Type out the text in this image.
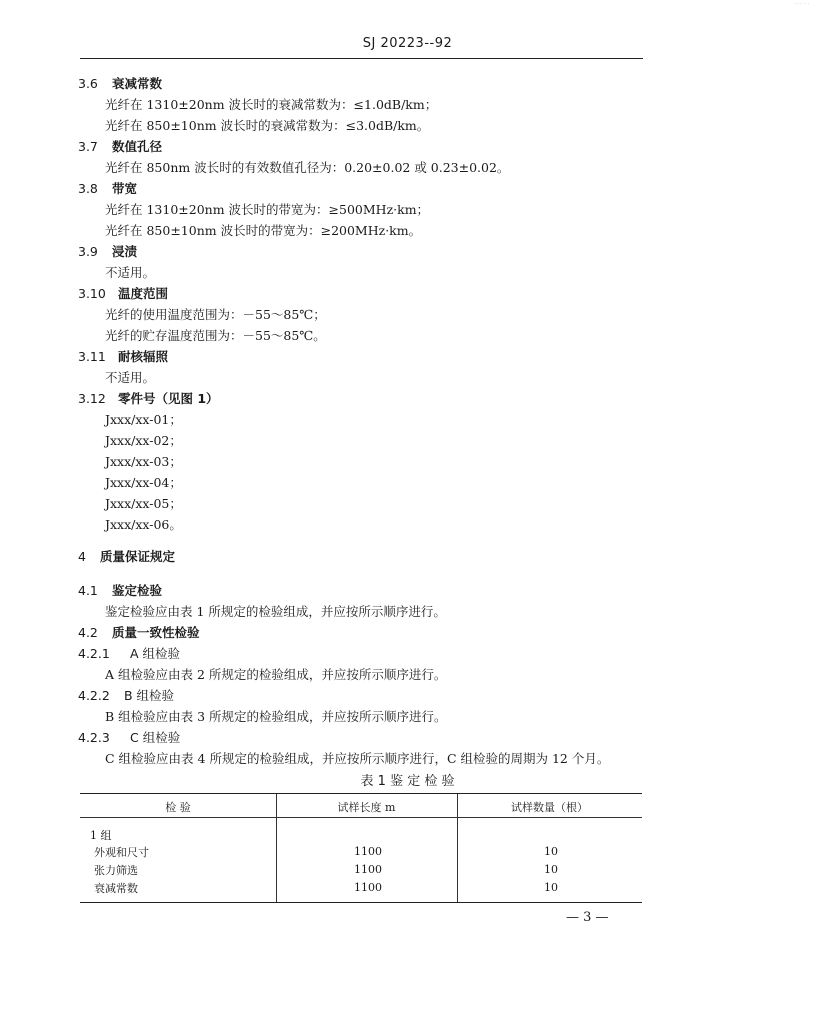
· · · · · ·
SJ 20223--92
3.6 衰减常数
光纤在 1310±20nm 波长时的衰减常数为：≤1.0dB/km；
光纤在 850±10nm 波长时的衰减常数为：≤3.0dB/km。
3.7 数值孔径
光纤在 850nm 波长时的有效数值孔径为：0.20±0.02 或 0.23±0.02。
3.8 带宽
光纤在 1310±20nm 波长时的带宽为：≥500MHz·km；
光纤在 850±10nm 波长时的带宽为：≥200MHz·km。
3.9 浸渍
不适用。
3.10 温度范围
光纤的使用温度范围为：－55～85℃；
光纤的贮存温度范围为：－55～85℃。
3.11 耐核辐照
不适用。
3.12 零件号（见图 1）
Jxxx/xx-01；
Jxxx/xx-02；
Jxxx/xx-03；
Jxxx/xx-04；
Jxxx/xx-05；
Jxxx/xx-06。
4 质量保证规定
4.1 鉴定检验
鉴定检验应由表 1 所规定的检验组成，并应按所示顺序进行。
4.2 质量一致性检验
4.2.1 A 组检验
A 组检验应由表 2 所规定的检验组成，并应按所示顺序进行。
4.2.2 B 组检验
B 组检验应由表 3 所规定的检验组成，并应按所示顺序进行。
4.2.3 C 组检验
C 组检验应由表 4 所规定的检验组成，并应按所示顺序进行，C 组检验的周期为 12 个月。
表 1 鉴 定 检 验
检 验	试样长度 m	试样数量（根）
1 组
外观和尺寸	1100	10
张力筛选	1100	10
衰减常数	1100	10
— 3 —
